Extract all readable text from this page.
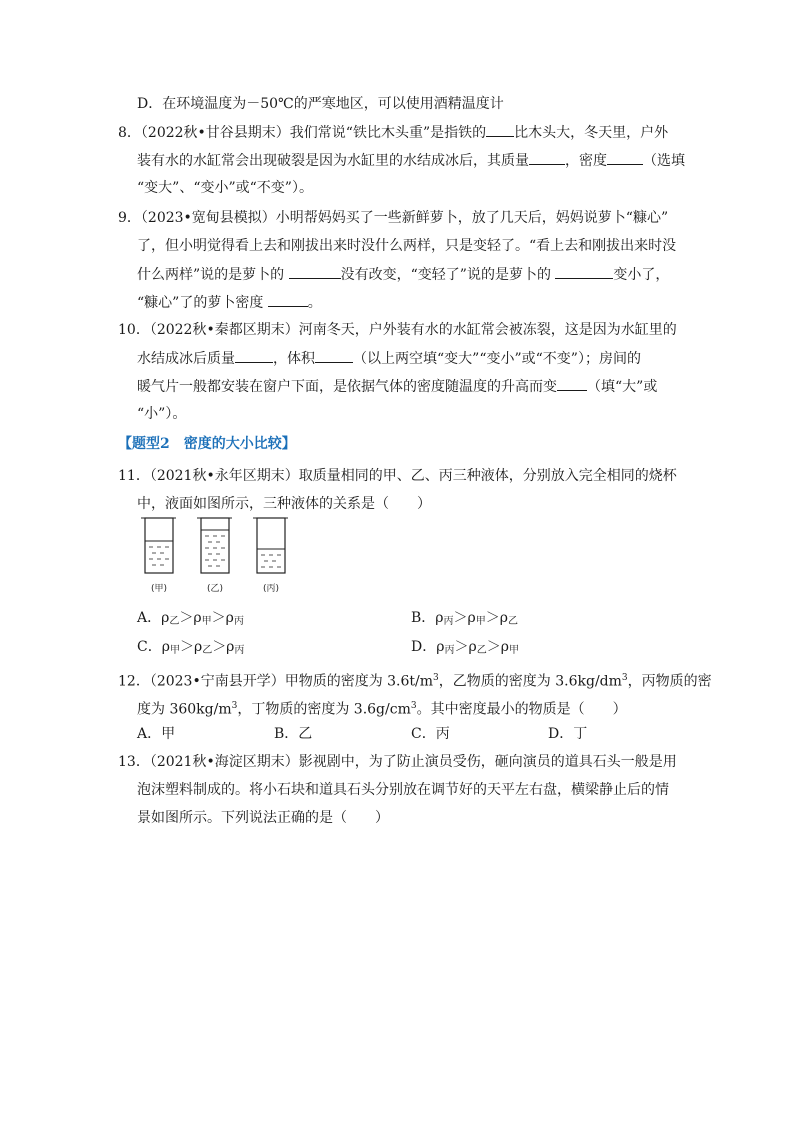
D．在环境温度为－50℃的严寒地区，可以使用酒精温度计
8．（2022秋•甘谷县期末）我们常说“铁比木头重”是指铁的 比木头大，冬天里，户外
装有水的水缸常会出现破裂是因为水缸里的水结成冰后，其质量	，密度	（选填
“变大”、“变小”或“不变”）。
9．（2023•宽甸县模拟）小明帮妈妈买了一些新鲜萝卜，放了几天后，妈妈说萝卜“糠心”
了，但小明觉得看上去和刚拔出来时没什么两样，只是变轻了。“看上去和刚拔出来时没
什么两样”说的是萝卜的	没有改变，“变轻了”说的是萝卜的	变小了，
“糠心”了的萝卜密度	。
10．（2022秋•秦都区期末）河南冬天，户外装有水的水缸常会被冻裂，这是因为水缸里的
水结成冰后质量	，体积	（以上两空填“变大”“变小”或“不变”）；房间的
暖气片一般都安装在窗户下面，是依据气体的密度随温度的升高而变 （填“大”或
“小”）。
【题型2　密度的大小比较】
11．（2021秋•永年区期末）取质量相同的甲、乙、丙三种液体，分别放入完全相同的烧杯
中，液面如图所示，三种液体的关系是（　　）
(甲)	(乙)	(丙)
A．$\rho_乙>\rho_甲>\rho_丙$	B．$\rho_丙>\rho_甲>\rho_乙$
C．$\rho_甲>\rho_乙>\rho_丙$	D．$\rho_丙>\rho_乙>\rho_甲$
12．（2023•宁南县开学）甲物质的密度为 $3.6t/m^3$，乙物质的密度为 $3.6kg/dm^3$，丙物质的密
度为 $360kg/m^3$，丁物质的密度为 $3.6g/cm^3$。其中密度最小的物质是（　　）
A．甲	B．乙	C．丙	D．丁
13．（2021秋•海淀区期末）影视剧中，为了防止演员受伤，砸向演员的道具石头一般是用
泡沫塑料制成的。将小石块和道具石头分别放在调节好的天平左右盘，横梁静止后的情
景如图所示。下列说法正确的是（　　）
